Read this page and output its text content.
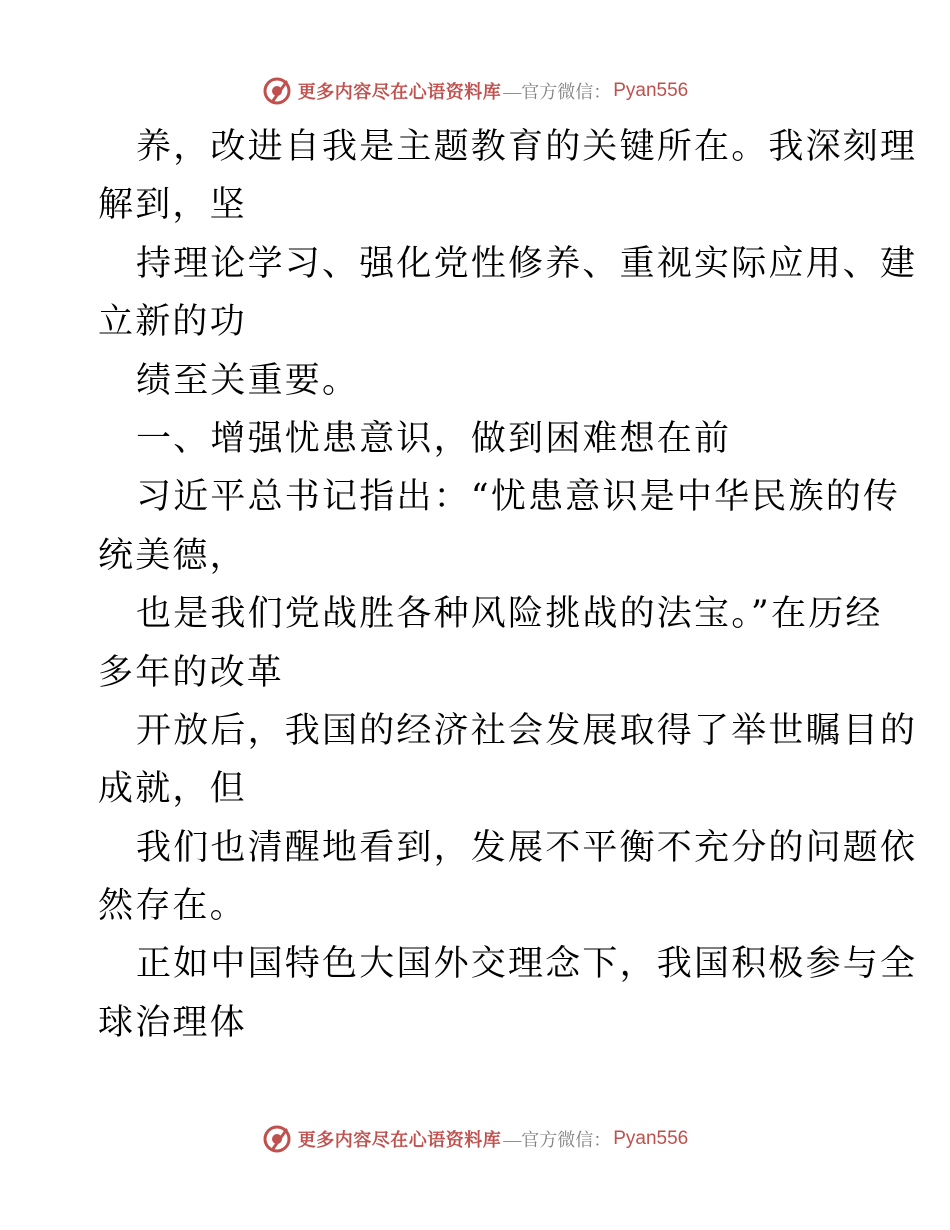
更多内容尽在心语资料库 —官方微信： Pyan556
养，改进自我是主题教育的关键所在。我深刻理
解到，坚
持理论学习、强化党性修养、重视实际应用、建
立新的功
绩至关重要。
一、增强忧患意识，做到困难想在前
习近平总书记指出：“忧患意识是中华民族的传
统美德，
也是我们党战胜各种风险挑战的法宝。”在历经
多年的改革
开放后，我国的经济社会发展取得了举世瞩目的
成就，但
我们也清醒地看到，发展不平衡不充分的问题依
然存在。
正如中国特色大国外交理念下，我国积极参与全
球治理体
更多内容尽在心语资料库 —官方微信： Pyan556
